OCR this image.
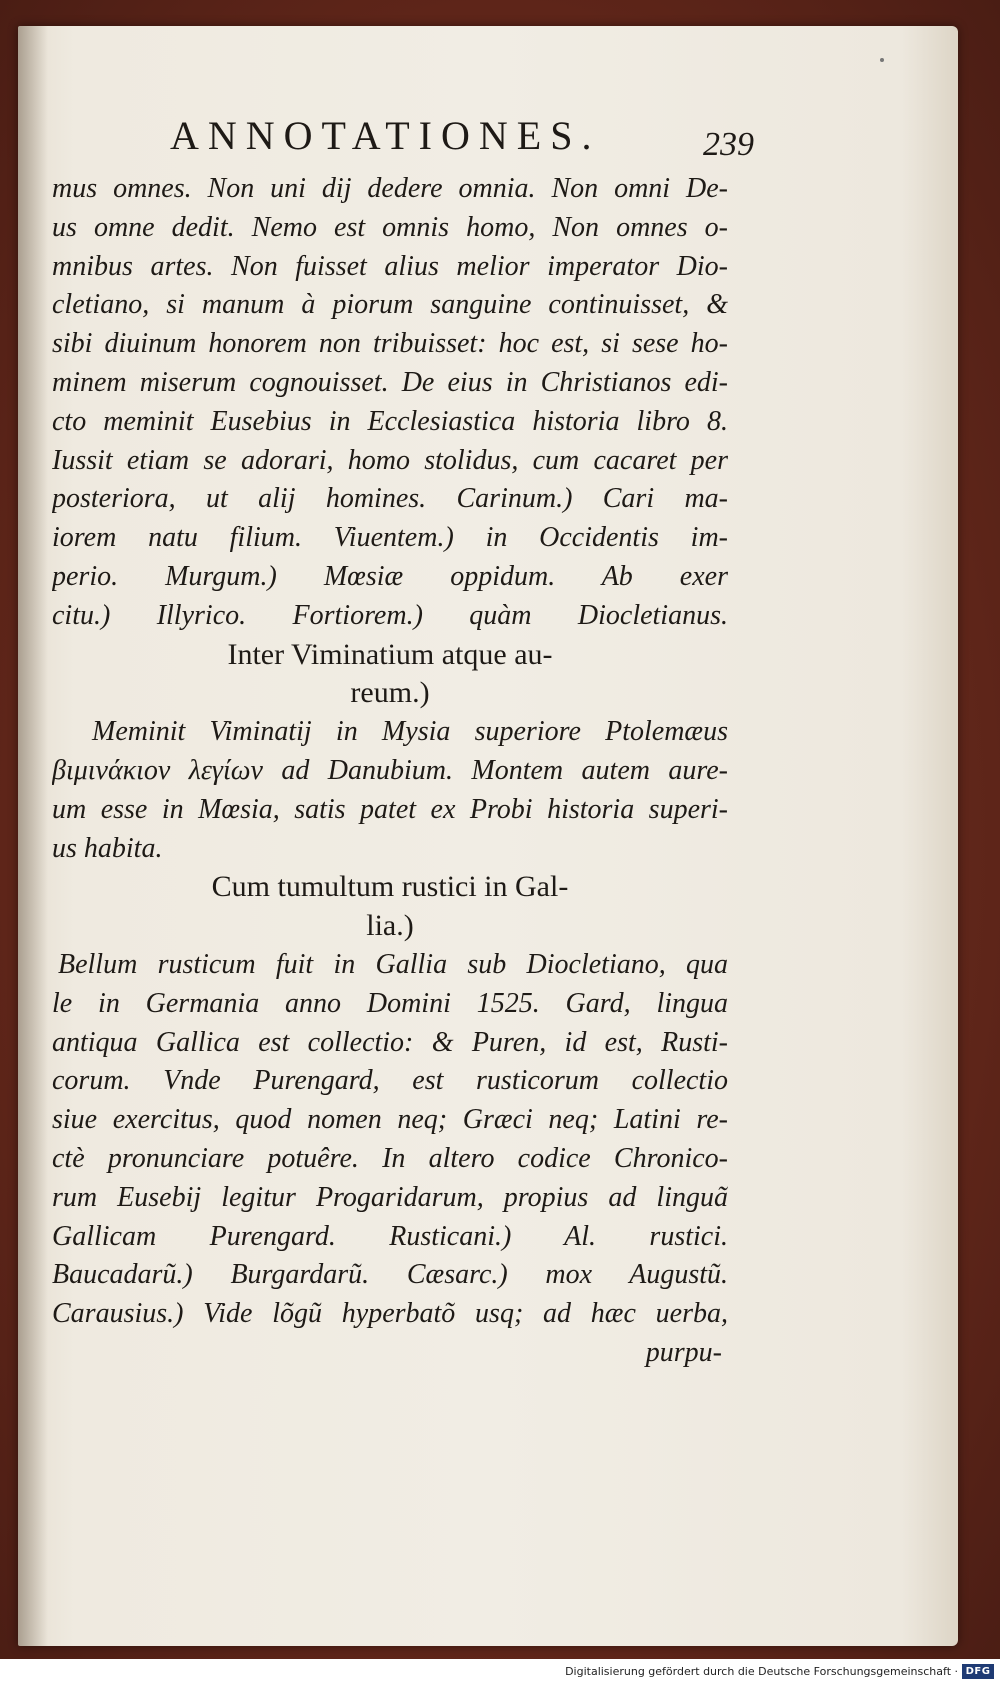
ANNOTATIONES.	239
mus omnes. Non uni dij dedere omnia. Non omni De-
us omne dedit. Nemo est omnis homo, Non omnes o-
mnibus artes. Non fuisset alius melior imperator Dio-
cletiano, si manum à piorum sanguine continuisset, &
sibi diuinum honorem non tribuisset: hoc est, si sese ho-
minem miserum cognouisset. De eius in Christianos edi-
cto meminit Eusebius in Ecclesiastica historia libro 8.
Iussit etiam se adorari, homo stolidus, cum cacaret per
posteriora, ut alij homines. Carinum.) Cari ma-
iorem natu filium. Viuentem.) in Occidentis im-
perio. Murgum.) Mœsiæ oppidum. Ab exer
citu.) Illyrico. Fortiorem.) quàm Diocletianus.
Inter Viminatium atque au-
reum.)
Meminit Viminatij in Mysia superiore Ptolemæus
βιμινάκιον λεγίων ad Danubium. Montem autem aure-
um esse in Mœsia, satis patet ex Probi historia superi-
us habita.
Cum tumultum rustici in Gal-
lia.)
Bellum rusticum fuit in Gallia sub Diocletiano, qua
le in Germania anno Domini 1525. Gard, lingua
antiqua Gallica est collectio: & Puren, id est, Rusti-
corum. Vnde Purengard, est rusticorum collectio
siue exercitus, quod nomen neq; Græci neq; Latini re-
ctè pronunciare potuêre. In altero codice Chronico-
rum Eusebij legitur Progaridarum, propius ad linguã
Gallicam Purengard. Rusticani.) Al. rustici.
Baucadarũ.) Burgardarũ. Cæsarc.) mox Augustũ.
Carausius.) Vide lõgũ hyperbatõ usq; ad hæc uerba,
purpu-
Digitalisierung gefördert durch die Deutsche Forschungsgemeinschaft · DFG
